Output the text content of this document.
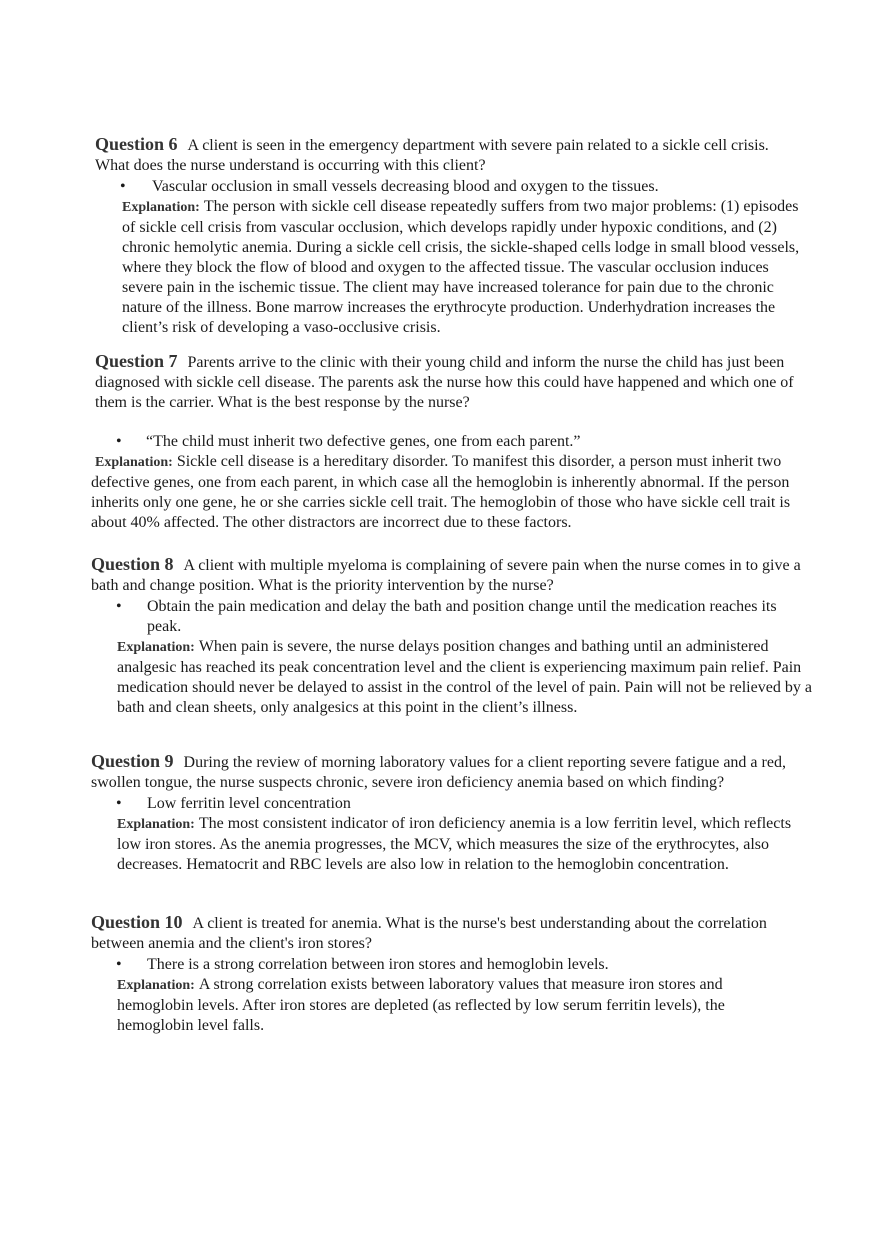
Question 6 A client is seen in the emergency department with severe pain related to a sickle cell crisis. What does the nurse understand is occurring with this client?

• Vascular occlusion in small vessels decreasing blood and oxygen to the tissues.

Explanation: The person with sickle cell disease repeatedly suffers from two major problems: (1) episodes of sickle cell crisis from vascular occlusion, which develops rapidly under hypoxic conditions, and (2) chronic hemolytic anemia. During a sickle cell crisis, the sickle-shaped cells lodge in small blood vessels, where they block the flow of blood and oxygen to the affected tissue. The vascular occlusion induces severe pain in the ischemic tissue. The client may have increased tolerance for pain due to the chronic nature of the illness. Bone marrow increases the erythrocyte production. Underhydration increases the client’s risk of developing a vaso-occlusive crisis.

Question 7 Parents arrive to the clinic with their young child and inform the nurse the child has just been diagnosed with sickle cell disease. The parents ask the nurse how this could have happened and which one of them is the carrier. What is the best response by the nurse?

• “The child must inherit two defective genes, one from each parent.”

Explanation: Sickle cell disease is a hereditary disorder. To manifest this disorder, a person must inherit two defective genes, one from each parent, in which case all the hemoglobin is inherently abnormal. If the person inherits only one gene, he or she carries sickle cell trait. The hemoglobin of those who have sickle cell trait is about 40% affected. The other distractors are incorrect due to these factors.

Question 8 A client with multiple myeloma is complaining of severe pain when the nurse comes in to give a bath and change position. What is the priority intervention by the nurse?

• Obtain the pain medication and delay the bath and position change until the medication reaches its peak.

Explanation: When pain is severe, the nurse delays position changes and bathing until an administered analgesic has reached its peak concentration level and the client is experiencing maximum pain relief. Pain medication should never be delayed to assist in the control of the level of pain. Pain will not be relieved by a bath and clean sheets, only analgesics at this point in the client’s illness.

Question 9 During the review of morning laboratory values for a client reporting severe fatigue and a red, swollen tongue, the nurse suspects chronic, severe iron deficiency anemia based on which finding?

• Low ferritin level concentration

Explanation: The most consistent indicator of iron deficiency anemia is a low ferritin level, which reflects low iron stores. As the anemia progresses, the MCV, which measures the size of the erythrocytes, also decreases. Hematocrit and RBC levels are also low in relation to the hemoglobin concentration.

Question 10 A client is treated for anemia. What is the nurse's best understanding about the correlation between anemia and the client's iron stores?

• There is a strong correlation between iron stores and hemoglobin levels.

Explanation: A strong correlation exists between laboratory values that measure iron stores and hemoglobin levels. After iron stores are depleted (as reflected by low serum ferritin levels), the hemoglobin level falls.
